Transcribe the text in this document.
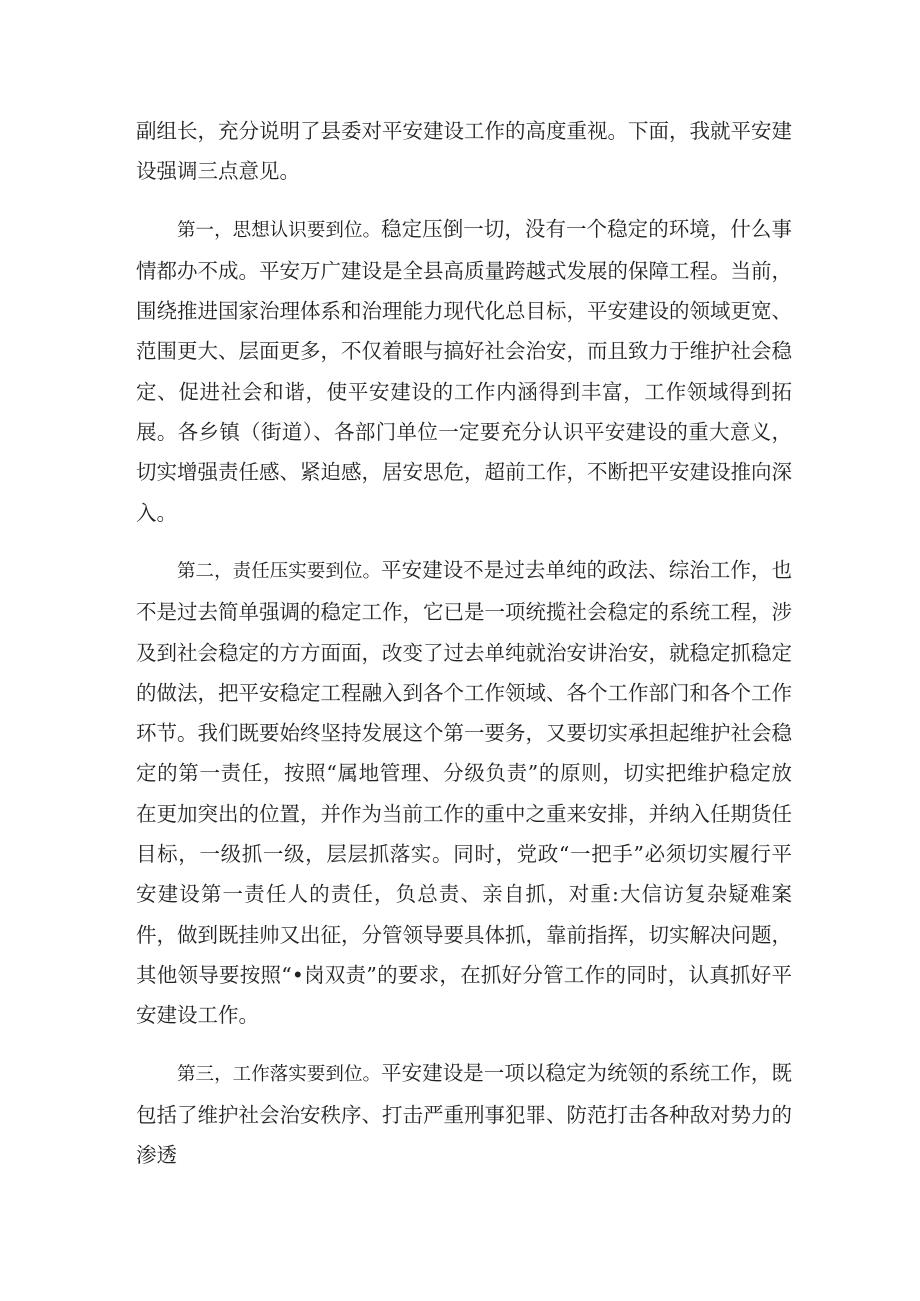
副组长，充分说明了县委对平安建设工作的高度重视。下面，我就平安建设强调三点意见。

第一，思想认识要到位。稳定压倒一切，没有一个稳定的环境，什么事情都办不成。平安万广建设是全县高质量跨越式发展的保障工程。当前，围绕推进国家治理体系和治理能力现代化总目标，平安建设的领域更宽、范围更大、层面更多，不仅着眼与搞好社会治安，而且致力于维护社会稳定、促进社会和谐，使平安建设的工作内涵得到丰富，工作领域得到拓展。各乡镇（街道）、各部门单位一定要充分认识平安建设的重大意义，切实增强责任感、紧迫感，居安思危，超前工作，不断把平安建设推向深入。

第二，责任压实要到位。平安建设不是过去单纯的政法、综治工作，也不是过去简单强调的稳定工作，它已是一项统揽社会稳定的系统工程，涉及到社会稳定的方方面面，改变了过去单纯就治安讲治安，就稳定抓稳定的做法，把平安稳定工程融入到各个工作领域、各个工作部门和各个工作环节。我们既要始终坚持发展这个第一要务，又要切实承担起维护社会稳定的第一责任，按照“属地管理、分级负责”的原则，切实把维护稳定放在更加突出的位置，并作为当前工作的重中之重来安排，并纳入任期货任目标，一级抓一级，层层抓落实。同时，党政“一把手”必须切实履行平安建设第一责任人的责任，负总责、亲自抓，对重:大信访复杂疑难案件，做到既挂帅又出征，分管领导要具体抓，靠前指挥，切实解决问题，其他领导要按照“•岗双责”的要求，在抓好分管工作的同时，认真抓好平安建设工作。

第三，工作落实要到位。平安建设是一项以稳定为统领的系统工作，既包括了维护社会治安秩序、打击严重刑事犯罪、防范打击各种敌对势力的渗透
